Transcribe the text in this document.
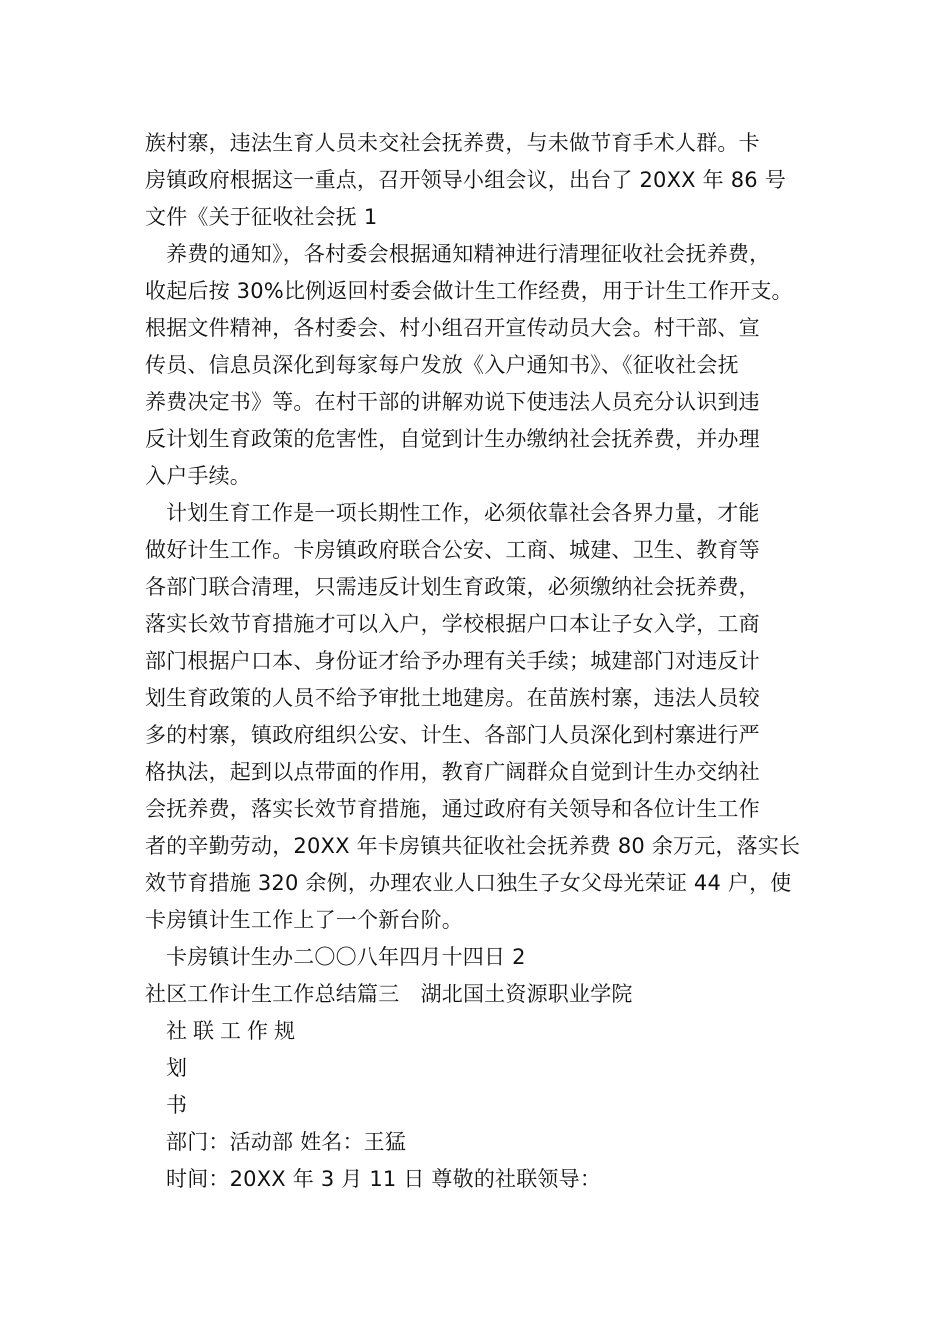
族村寨，违法生育人员未交社会抚养费，与未做节育手术人群。卡
房镇政府根据这一重点，召开领导小组会议，出台了 20XX 年 86 号
文件《关于征收社会抚 1
养费的通知》，各村委会根据通知精神进行清理征收社会抚养费，
收起后按 30%比例返回村委会做计生工作经费，用于计生工作开支。
根据文件精神，各村委会、村小组召开宣传动员大会。村干部、宣
传员、信息员深化到每家每户发放《入户通知书》、《征收社会抚
养费决定书》等。在村干部的讲解劝说下使违法人员充分认识到违
反计划生育政策的危害性，自觉到计生办缴纳社会抚养费，并办理
入户手续。
计划生育工作是一项长期性工作，必须依靠社会各界力量，才能
做好计生工作。卡房镇政府联合公安、工商、城建、卫生、教育等
各部门联合清理，只需违反计划生育政策，必须缴纳社会抚养费，
落实长效节育措施才可以入户，学校根据户口本让子女入学，工商
部门根据户口本、身份证才给予办理有关手续；城建部门对违反计
划生育政策的人员不给予审批土地建房。在苗族村寨，违法人员较
多的村寨，镇政府组织公安、计生、各部门人员深化到村寨进行严
格执法，起到以点带面的作用，教育广阔群众自觉到计生办交纳社
会抚养费，落实长效节育措施，通过政府有关领导和各位计生工作
者的辛勤劳动，20XX 年卡房镇共征收社会抚养费 80 余万元，落实长
效节育措施 320 余例，办理农业人口独生子女父母光荣证 44 户，使
卡房镇计生工作上了一个新台阶。
卡房镇计生办二〇〇八年四月十四日 2
社区工作计生工作总结篇三　湖北国土资源职业学院
社联工作规
划
书
部门：活动部 姓名：王猛
时间：20XX 年 3 月 11 日 尊敬的社联领导：
